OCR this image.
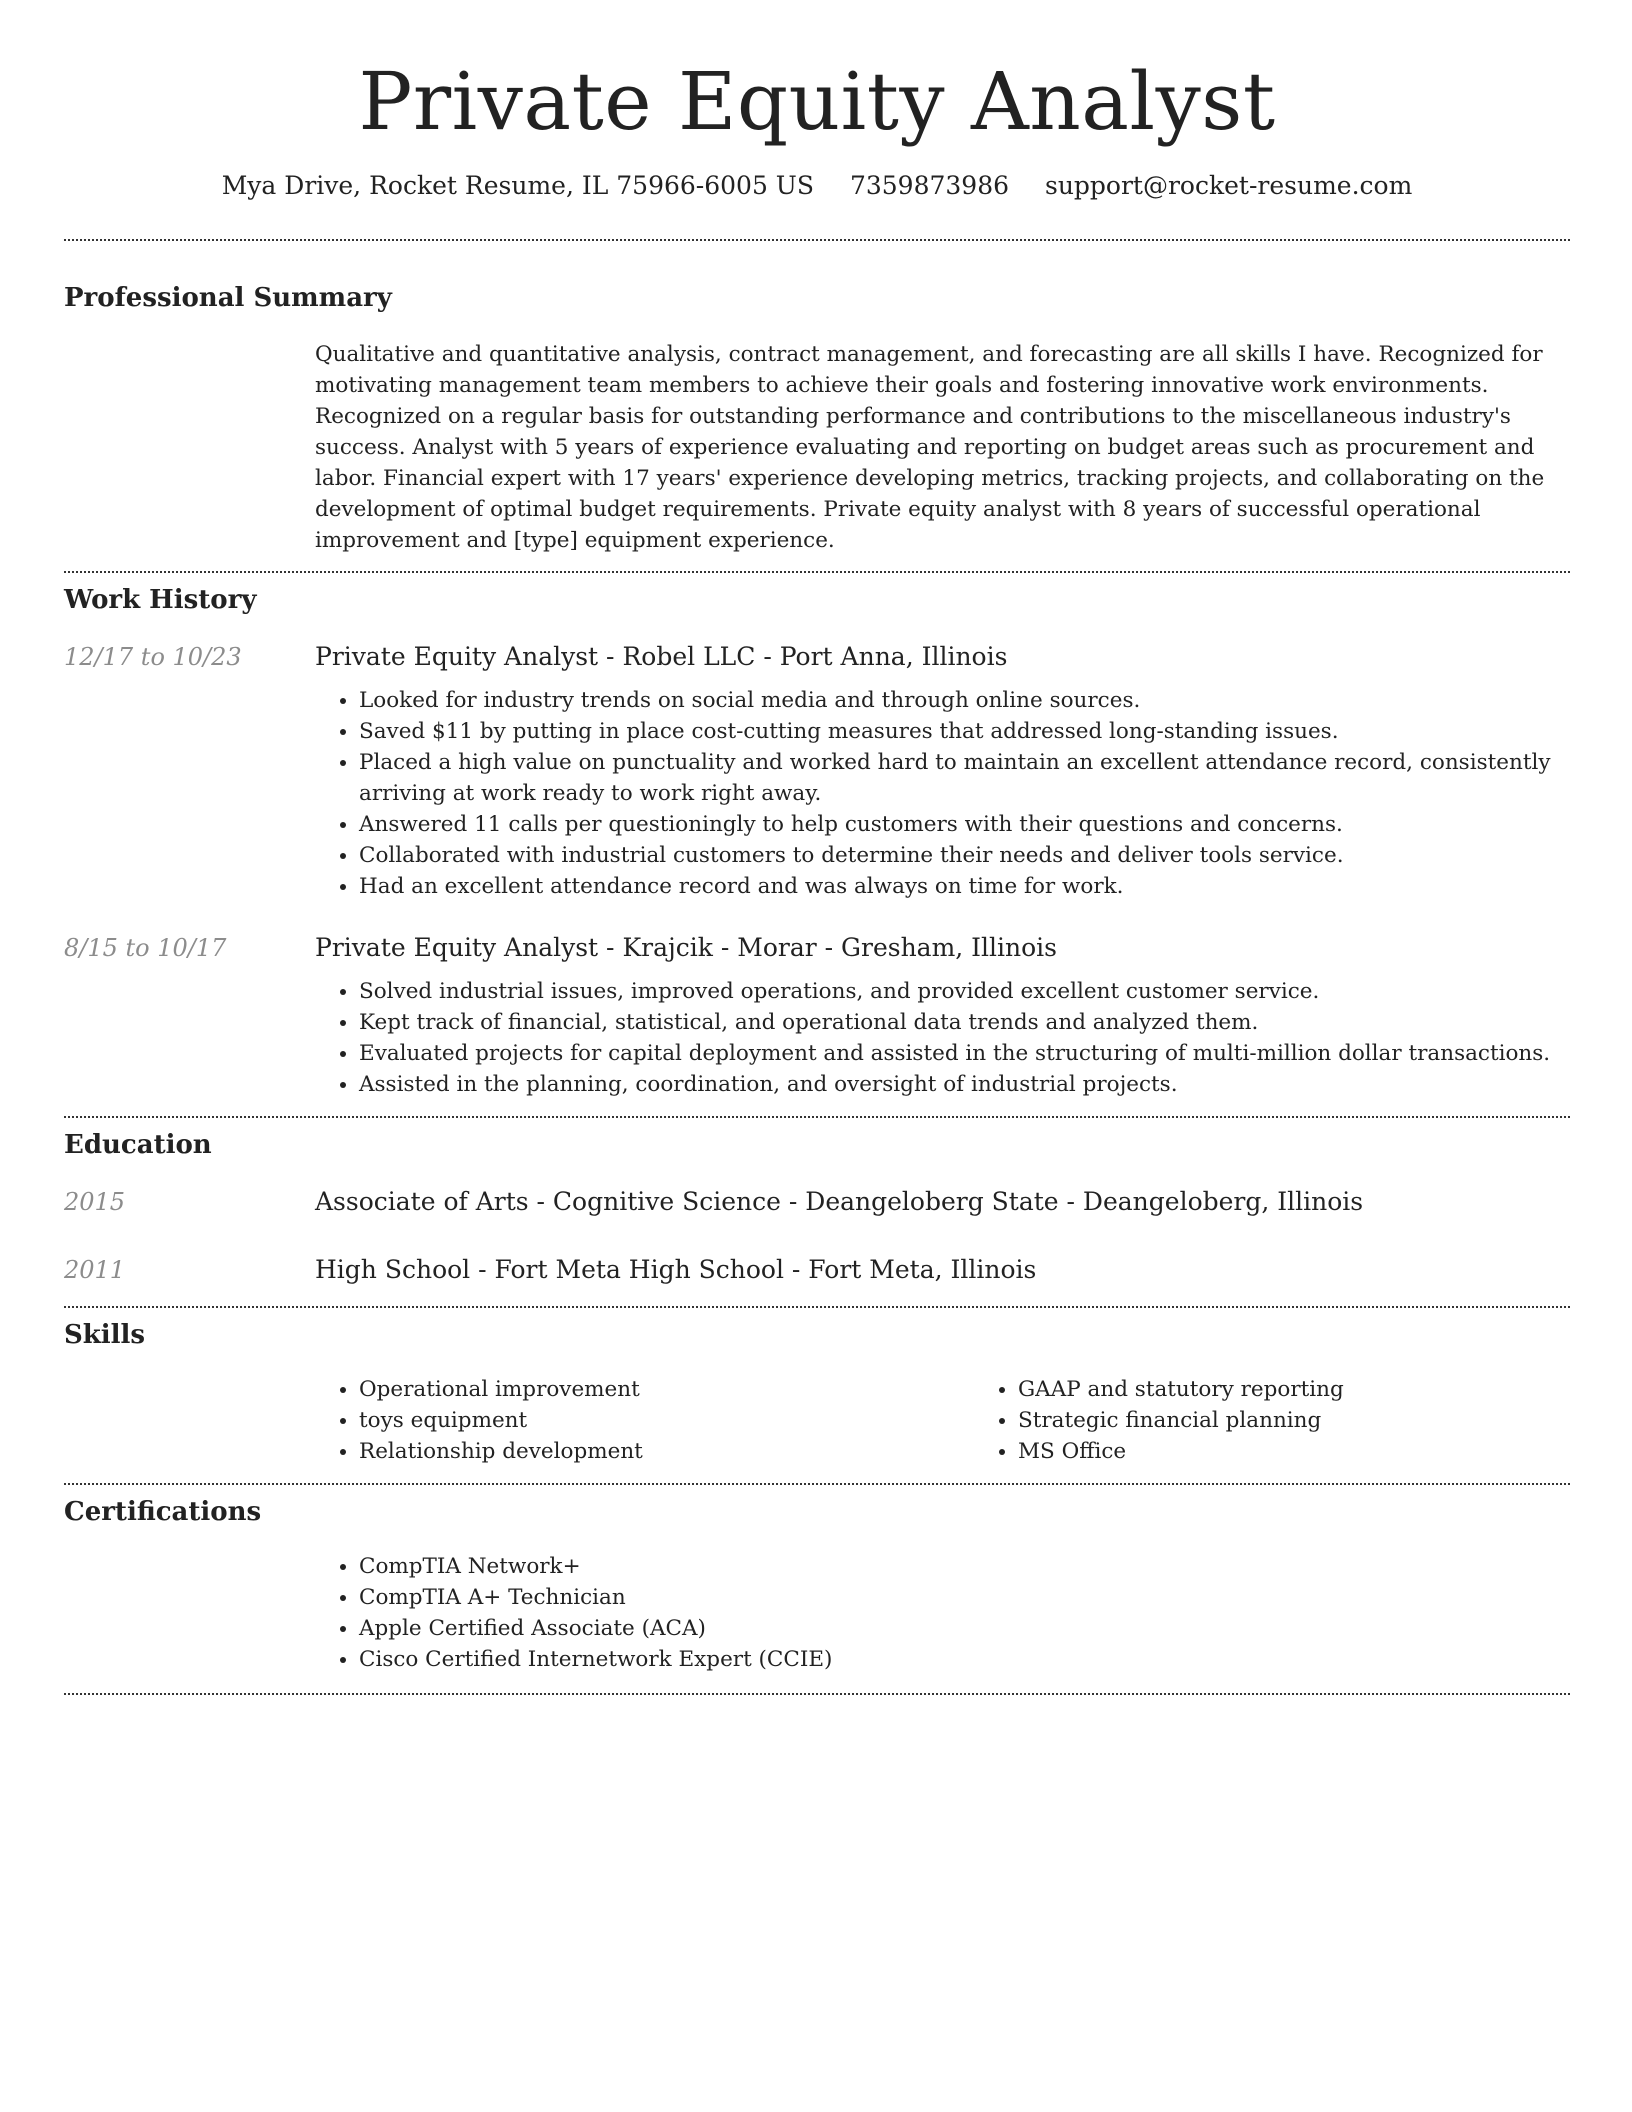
Private Equity Analyst
Mya Drive, Rocket Resume, IL 75966-6005 US 7359873986 support@rocket-resume.com
Professional Summary

Qualitative and quantitative analysis, contract management, and forecasting are all skills I have. Recognized for motivating management team members to achieve their goals and fostering innovative work environments. Recognized on a regular basis for outstanding performance and contributions to the miscellaneous industry's success. Analyst with 5 years of experience evaluating and reporting on budget areas such as procurement and labor. Financial expert with 17 years' experience developing metrics, tracking projects, and collaborating on the development of optimal budget requirements. Private equity analyst with 8 years of successful operational improvement and [type] equipment experience.

Work History
12/17 to 10/23	Private Equity Analyst - Robel LLC - Port Anna, Illinois

• Looked for industry trends on social media and through online sources.
• Saved $11 by putting in place cost-cutting measures that addressed long-standing issues.
• Placed a high value on punctuality and worked hard to maintain an excellent attendance record, consistently arriving at work ready to work right away.
• Answered 11 calls per questioningly to help customers with their questions and concerns.
• Collaborated with industrial customers to determine their needs and deliver tools service.
• Had an excellent attendance record and was always on time for work.
8/15 to 10/17	Private Equity Analyst - Krajcik - Morar - Gresham, Illinois

• Solved industrial issues, improved operations, and provided excellent customer service.
• Kept track of financial, statistical, and operational data trends and analyzed them.
• Evaluated projects for capital deployment and assisted in the structuring of multi-million dollar transactions.
• Assisted in the planning, coordination, and oversight of industrial projects.
Education
2015	Associate of Arts - Cognitive Science - Deangeloberg State - Deangeloberg, Illinois

2011	High School - Fort Meta High School - Fort Meta, Illinois

Skills
• Operational improvement
• toys equipment
• Relationship development
• GAAP and statutory reporting
• Strategic financial planning
• MS Office
Certifications
• CompTIA Network+
• CompTIA A+ Technician
• Apple Certified Associate (ACA)
• Cisco Certified Internetwork Expert (CCIE)
